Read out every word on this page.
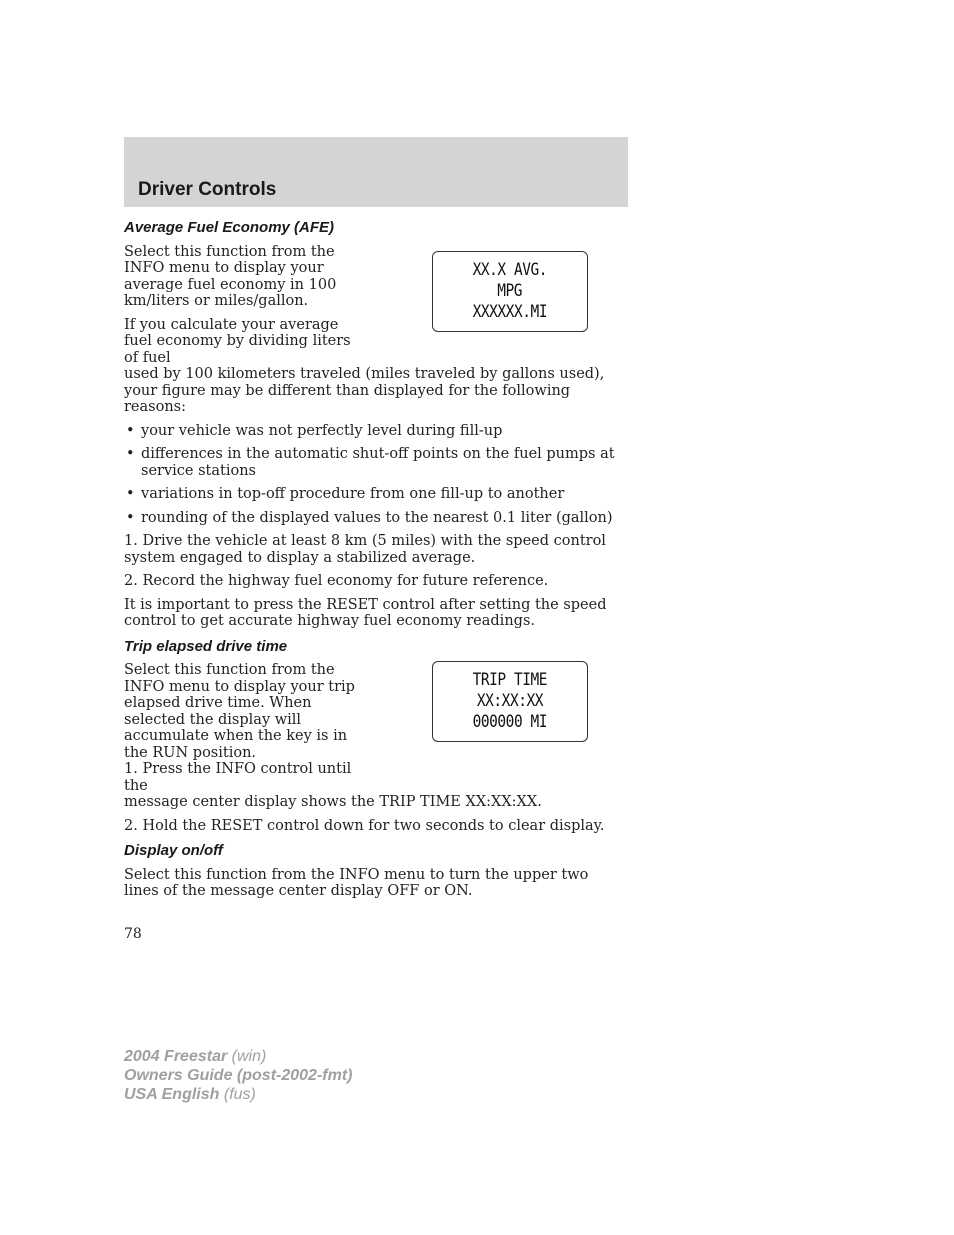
Driver Controls
Average Fuel Economy (AFE)
XX.X AVG.
MPG
XXXXXX.MI

Select this function from the INFO menu to display your average fuel economy in 100 km/liters or miles/gallon.

If you calculate your average fuel economy by dividing liters of fuel

used by 100 kilometers traveled (miles traveled by gallons used), your figure may be different than displayed for the following reasons:

• your vehicle was not perfectly level during fill-up
• differences in the automatic shut-off points on the fuel pumps at service stations
• variations in top-off procedure from one fill-up to another
• rounding of the displayed values to the nearest 0.1 liter (gallon)

1. Drive the vehicle at least 8 km (5 miles) with the speed control system engaged to display a stabilized average.

2. Record the highway fuel economy for future reference.

It is important to press the RESET control after setting the speed control to get accurate highway fuel economy readings.

Trip elapsed drive time
TRIP TIME
XX:XX:XX
000000 MI

Select this function from the INFO menu to display your trip elapsed drive time. When selected the display will accumulate when the key is in the RUN position.

1. Press the INFO control until the

message center display shows the TRIP TIME XX:XX:XX.

2. Hold the RESET control down for two seconds to clear display.

Display on/off

Select this function from the INFO menu to turn the upper two lines of the message center display OFF or ON.

78
2004 Freestar (win)
Owners Guide (post-2002-fmt)
USA English (fus)
